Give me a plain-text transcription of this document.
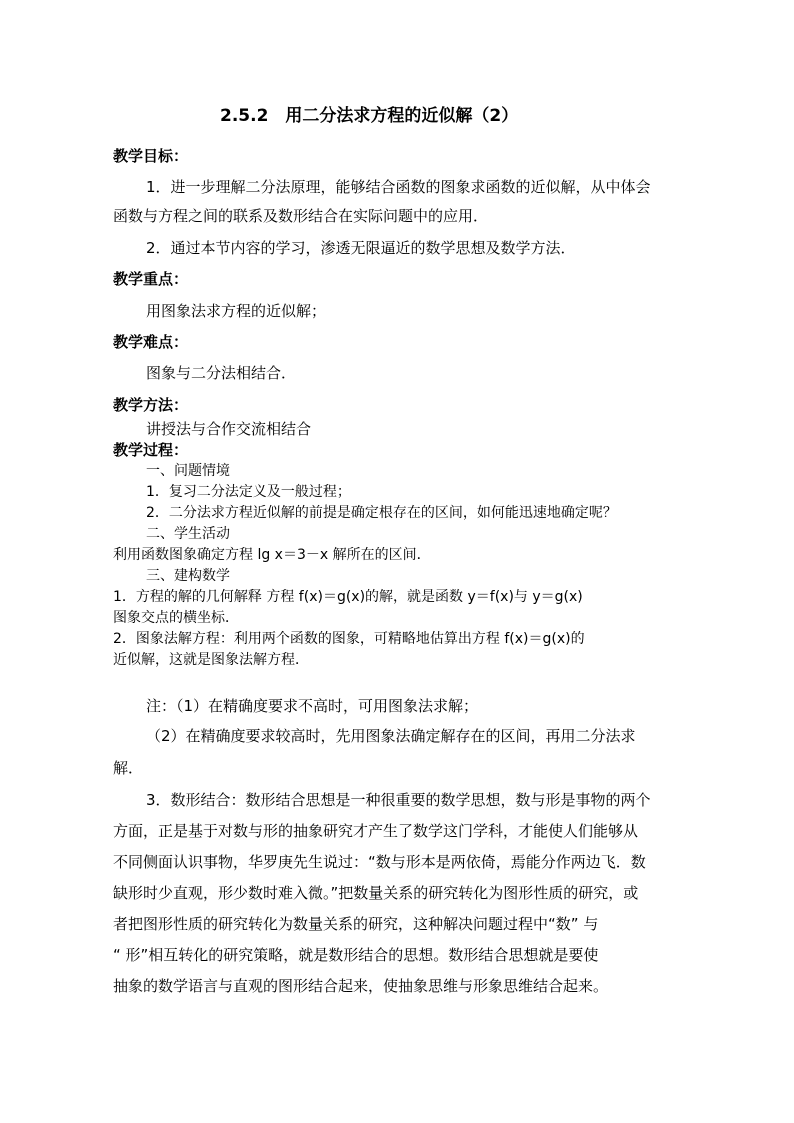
2.5.2　用二分法求方程的近似解（2）
教学目标：
1．进一步理解二分法原理，能够结合函数的图象求函数的近似解，从中体会
函数与方程之间的联系及数形结合在实际问题中的应用．
2．通过本节内容的学习，渗透无限逼近的数学思想及数学方法．
教学重点：
用图象法求方程的近似解；
教学难点：
图象与二分法相结合．
教学方法：
讲授法与合作交流相结合
教学过程：
一、问题情境
1．复习二分法定义及一般过程；
2．二分法求方程近似解的前提是确定根存在的区间，如何能迅速地确定呢？
二、学生活动
利用函数图象确定方程 lg x＝3－x 解所在的区间．
三、建构数学
1．方程的解的几何解释 方程 f(x)＝g(x)的解，就是函数 y＝f(x)与 y＝g(x)
图象交点的横坐标．
2．图象法解方程：利用两个函数的图象，可精略地估算出方程 f(x)＝g(x)的
近似解，这就是图象法解方程．
注：（1）在精确度要求不高时，可用图象法求解；
（2）在精确度要求较高时，先用图象法确定解存在的区间，再用二分法求
解．
3．数形结合：数形结合思想是一种很重要的数学思想，数与形是事物的两个
方面，正是基于对数与形的抽象研究才产生了数学这门学科，才能使人们能够从
不同侧面认识事物，华罗庚先生说过：“数与形本是两依倚，焉能分作两边飞．数
缺形时少直观，形少数时难入微。”把数量关系的研究转化为图形性质的研究，或
者把图形性质的研究转化为数量关系的研究，这种解决问题过程中“数” 与
“ 形”相互转化的研究策略，就是数形结合的思想。数形结合思想就是要使
抽象的数学语言与直观的图形结合起来，使抽象思维与形象思维结合起来。
